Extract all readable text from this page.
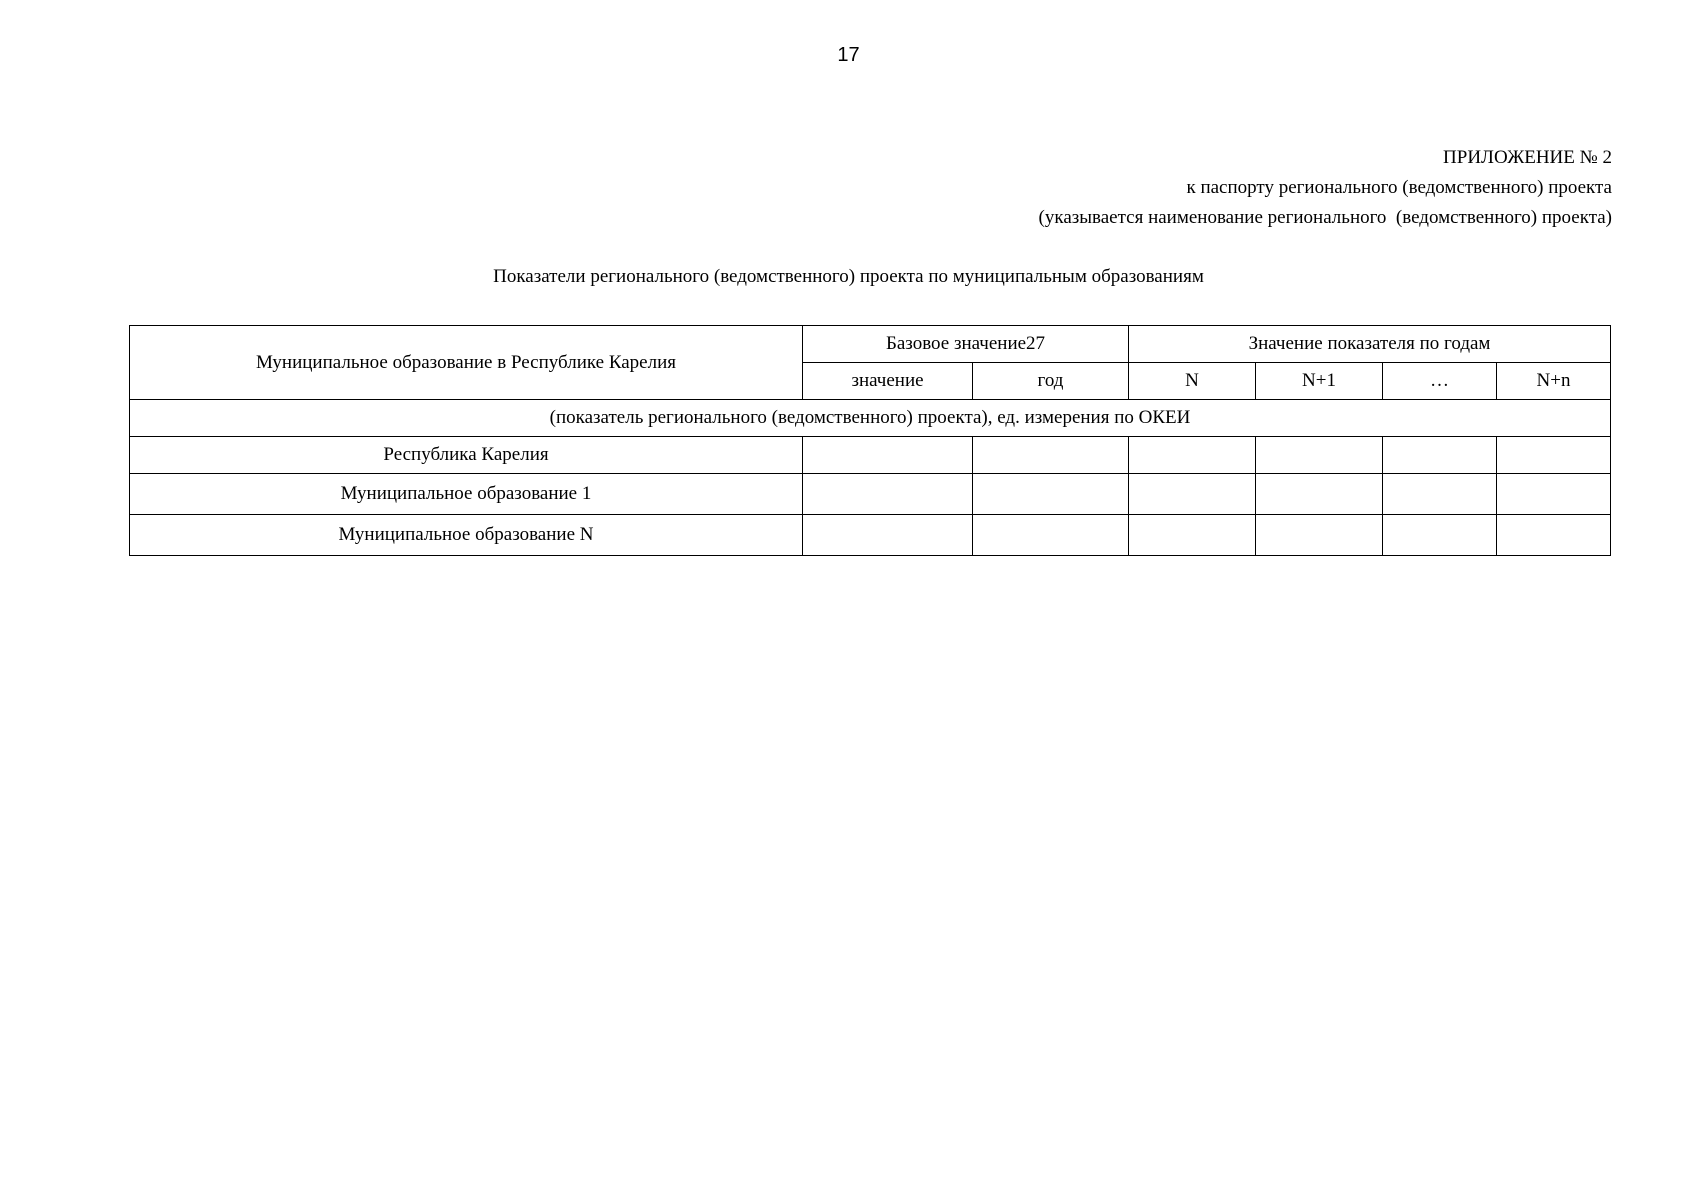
17
ПРИЛОЖЕНИЕ № 2
к паспорту регионального (ведомственного) проекта
(указывается наименование регионального  (ведомственного) проекта)
Показатели регионального (ведомственного) проекта по муниципальным образованиям
Муниципальное образование в Республике Карелия	Базовое значение27		Значение показателя по годам			
	значение	год	N	N+1	…	N+n
(показатель регионального (ведомственного) проекта), ед. измерения по ОКЕИ						
Республика Карелия						
Муниципальное образование 1						
Муниципальное образование N						
